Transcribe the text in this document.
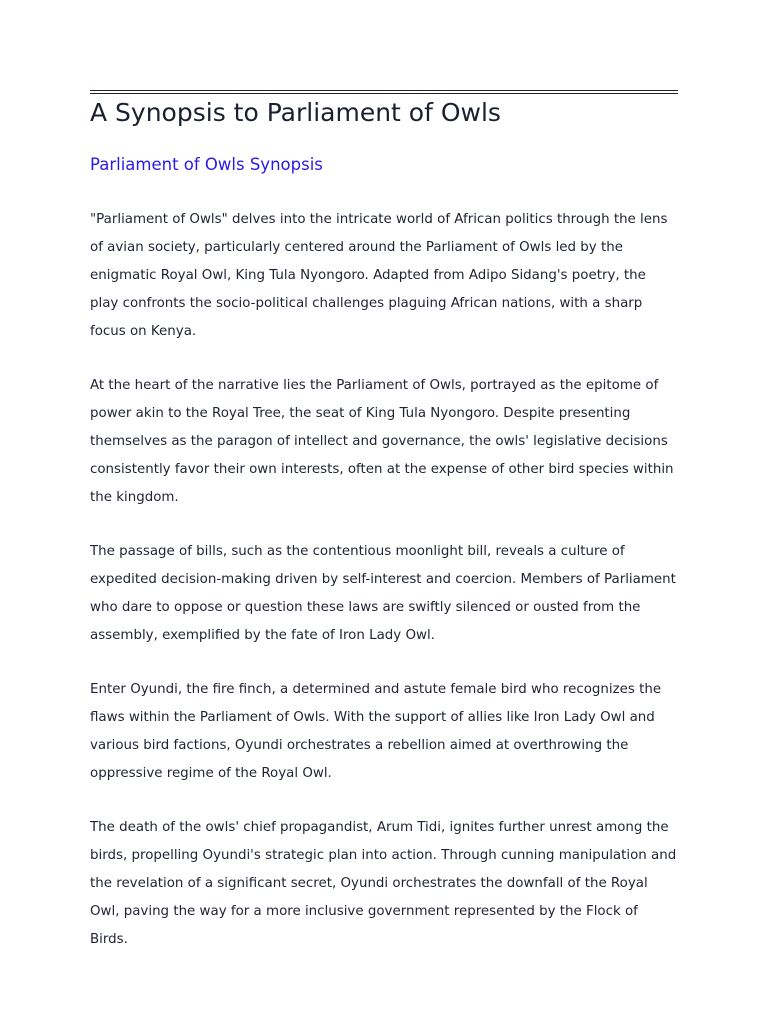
A Synopsis to Parliament of Owls
Parliament of Owls Synopsis

"Parliament of Owls" delves into the intricate world of African politics through the lens of avian society, particularly centered around the Parliament of Owls led by the enigmatic Royal Owl, King Tula Nyongoro. Adapted from Adipo Sidang's poetry, the play confronts the socio-political challenges plaguing African nations, with a sharp focus on Kenya.

At the heart of the narrative lies the Parliament of Owls, portrayed as the epitome of power akin to the Royal Tree, the seat of King Tula Nyongoro. Despite presenting themselves as the paragon of intellect and governance, the owls' legislative decisions consistently favor their own interests, often at the expense of other bird species within the kingdom.

The passage of bills, such as the contentious moonlight bill, reveals a culture of expedited decision-making driven by self-interest and coercion. Members of Parliament who dare to oppose or question these laws are swiftly silenced or ousted from the assembly, exemplified by the fate of Iron Lady Owl.

Enter Oyundi, the fire finch, a determined and astute female bird who recognizes the flaws within the Parliament of Owls. With the support of allies like Iron Lady Owl and various bird factions, Oyundi orchestrates a rebellion aimed at overthrowing the oppressive regime of the Royal Owl.

The death of the owls' chief propagandist, Arum Tidi, ignites further unrest among the birds, propelling Oyundi's strategic plan into action. Through cunning manipulation and the revelation of a significant secret, Oyundi orchestrates the downfall of the Royal Owl, paving the way for a more inclusive government represented by the Flock of Birds.
